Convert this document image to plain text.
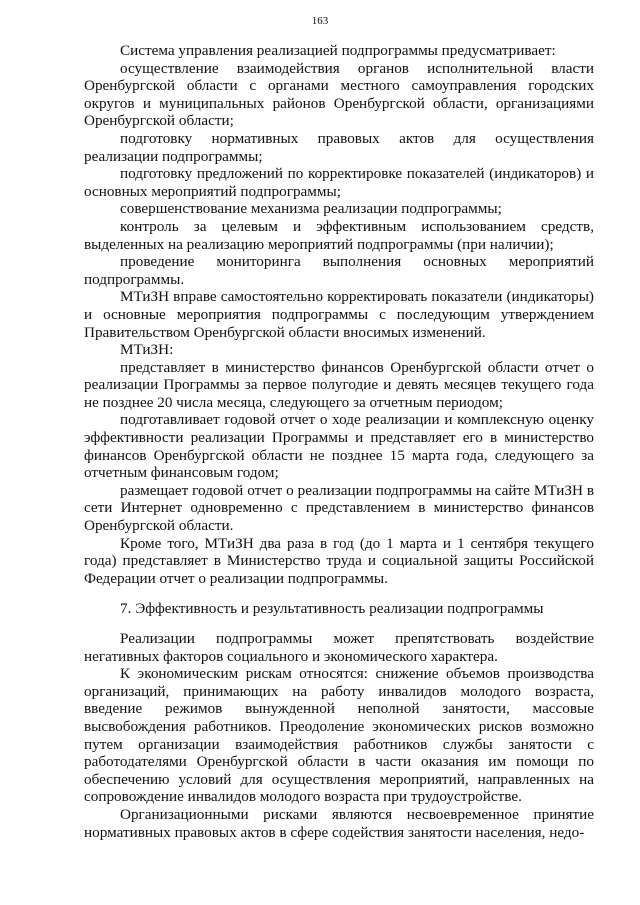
163

Система управления реализацией подпрограммы предусматривает:

осуществление взаимодействия органов исполнительной власти Оренбургской области с органами местного самоуправления городских округов и муниципальных районов Оренбургской области, организациями Оренбургской области;

подготовку нормативных правовых актов для осуществления реализации подпрограммы;

подготовку предложений по корректировке показателей (индикаторов) и основных мероприятий подпрограммы;

совершенствование механизма реализации подпрограммы;

контроль за целевым и эффективным использованием средств, выделенных на реализацию мероприятий подпрограммы (при наличии);

проведение мониторинга выполнения основных мероприятий подпрограммы.

МТиЗН вправе самостоятельно корректировать показатели (индикаторы) и основные мероприятия подпрограммы с последующим утверждением Правительством Оренбургской области вносимых изменений.

МТиЗН:

представляет в министерство финансов Оренбургской области отчет о реализации Программы за первое полугодие и девять месяцев текущего года не позднее 20 числа месяца, следующего за отчетным периодом;

подготавливает годовой отчет о ходе реализации и комплексную оценку эффективности реализации Программы и представляет его в министерство финансов Оренбургской области не позднее 15 марта года, следующего за отчетным финансовым годом;

размещает годовой отчет о реализации подпрограммы на сайте МТиЗН в сети Интернет одновременно с представлением в министерство финансов Оренбургской области.

Кроме того, МТиЗН два раза в год (до 1 марта и 1 сентября текущего года) представляет в Министерство труда и социальной защиты Российской Федерации отчет о реализации подпрограммы.

7. Эффективность и результативность реализации подпрограммы

Реализации подпрограммы может препятствовать воздействие негативных факторов социального и экономического характера.

К экономическим рискам относятся: снижение объемов производства организаций, принимающих на работу инвалидов молодого возраста, введение режимов вынужденной неполной занятости, массовые высвобождения работников. Преодоление экономических рисков возможно путем организации взаимодействия работников службы занятости с работодателями Оренбургской области в части оказания им помощи по обеспечению условий для осуществления мероприятий, направленных на сопровождение инвалидов молодого возраста при трудоустройстве.

Организационными рисками являются несвоевременное принятие нормативных правовых актов в сфере содействия занятости населения, недо-
